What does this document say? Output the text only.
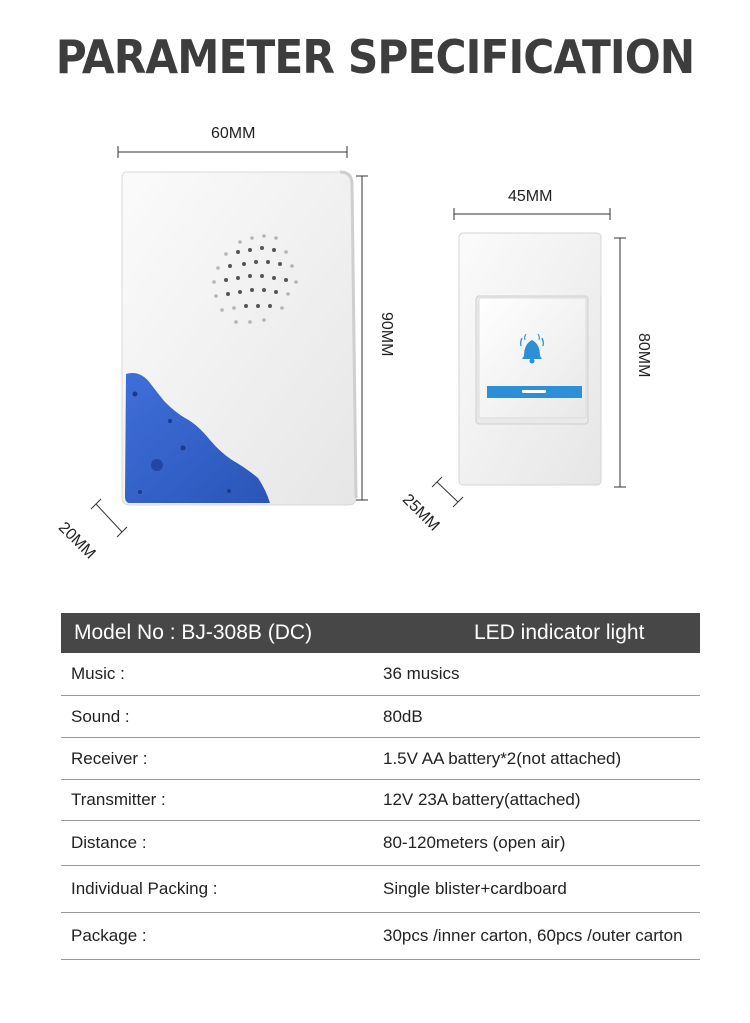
PARAMETER SPECIFICATION
60MM
90MM
20MM
45MM
80MM
25MM
Model No : BJ-308B (DC)	LED indicator light
Music :	36 musics
Sound :	80dB
Receiver :	1.5V AA battery*2(not attached)
Transmitter :	12V 23A battery(attached)
Distance :	80-120meters (open air)
Individual Packing :	Single blister+cardboard
Package :	30pcs /inner carton, 60pcs /outer carton
